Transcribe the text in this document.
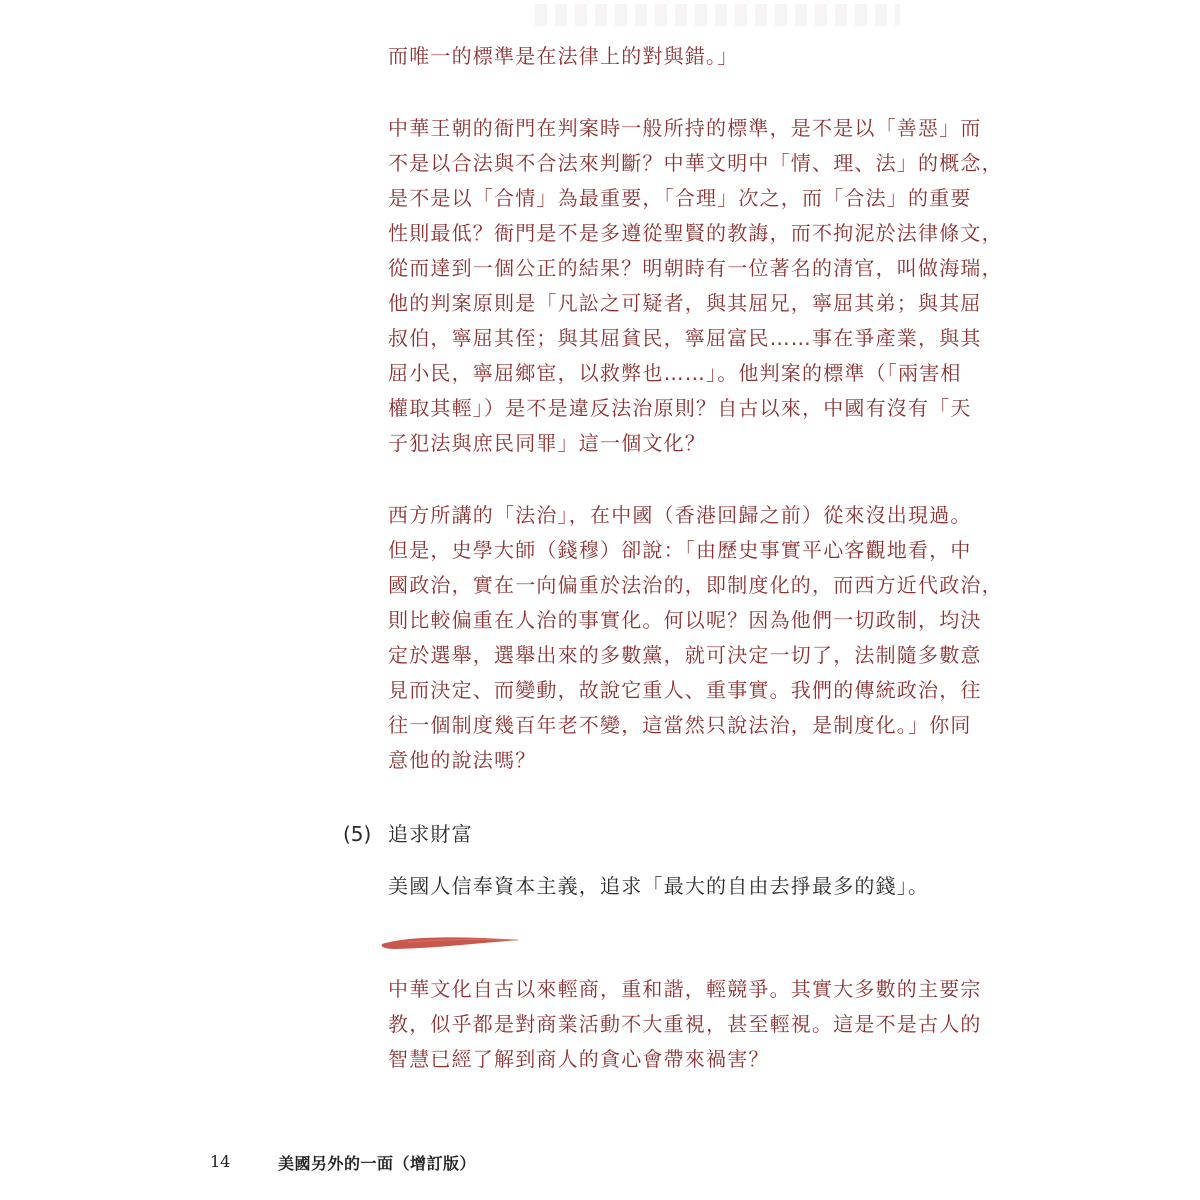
而唯一的標準是在法律上的對與錯。」
中華王朝的衙門在判案時一般所持的標準，是不是以「善惡」而
不是以合法與不合法來判斷？中華文明中「情、理、法」的概念，
是不是以「合情」為最重要，「合理」次之，而「合法」的重要
性則最低？衙門是不是多遵從聖賢的教誨，而不拘泥於法律條文，
從而達到一個公正的結果？明朝時有一位著名的清官，叫做海瑞，
他的判案原則是「凡訟之可疑者，與其屈兄，寧屈其弟；與其屈
叔伯，寧屈其侄；與其屈貧民，寧屈富民……事在爭產業，與其
屈小民，寧屈鄉宦，以救弊也……」。他判案的標準（「兩害相
權取其輕」）是不是違反法治原則？自古以來，中國有沒有「天
子犯法與庶民同罪」這一個文化？
西方所講的「法治」，在中國（香港回歸之前）從來沒出現過。
但是，史學大師（錢穆）卻說：「由歷史事實平心客觀地看，中
國政治，實在一向偏重於法治的，即制度化的，而西方近代政治，
則比較偏重在人治的事實化。何以呢？因為他們一切政制，均決
定於選舉，選舉出來的多數黨，就可決定一切了，法制隨多數意
見而決定、而變動，故說它重人、重事實。我們的傳統政治，往
往一個制度幾百年老不變，這當然只說法治，是制度化。」你同
意他的說法嗎？
(5) 追求財富
美國人信奉資本主義，追求「最大的自由去掙最多的錢」。
中華文化自古以來輕商，重和諧，輕競爭。其實大多數的主要宗
教，似乎都是對商業活動不大重視，甚至輕視。這是不是古人的
智慧已經了解到商人的貪心會帶來禍害？
14	美國另外的一面（增訂版）
